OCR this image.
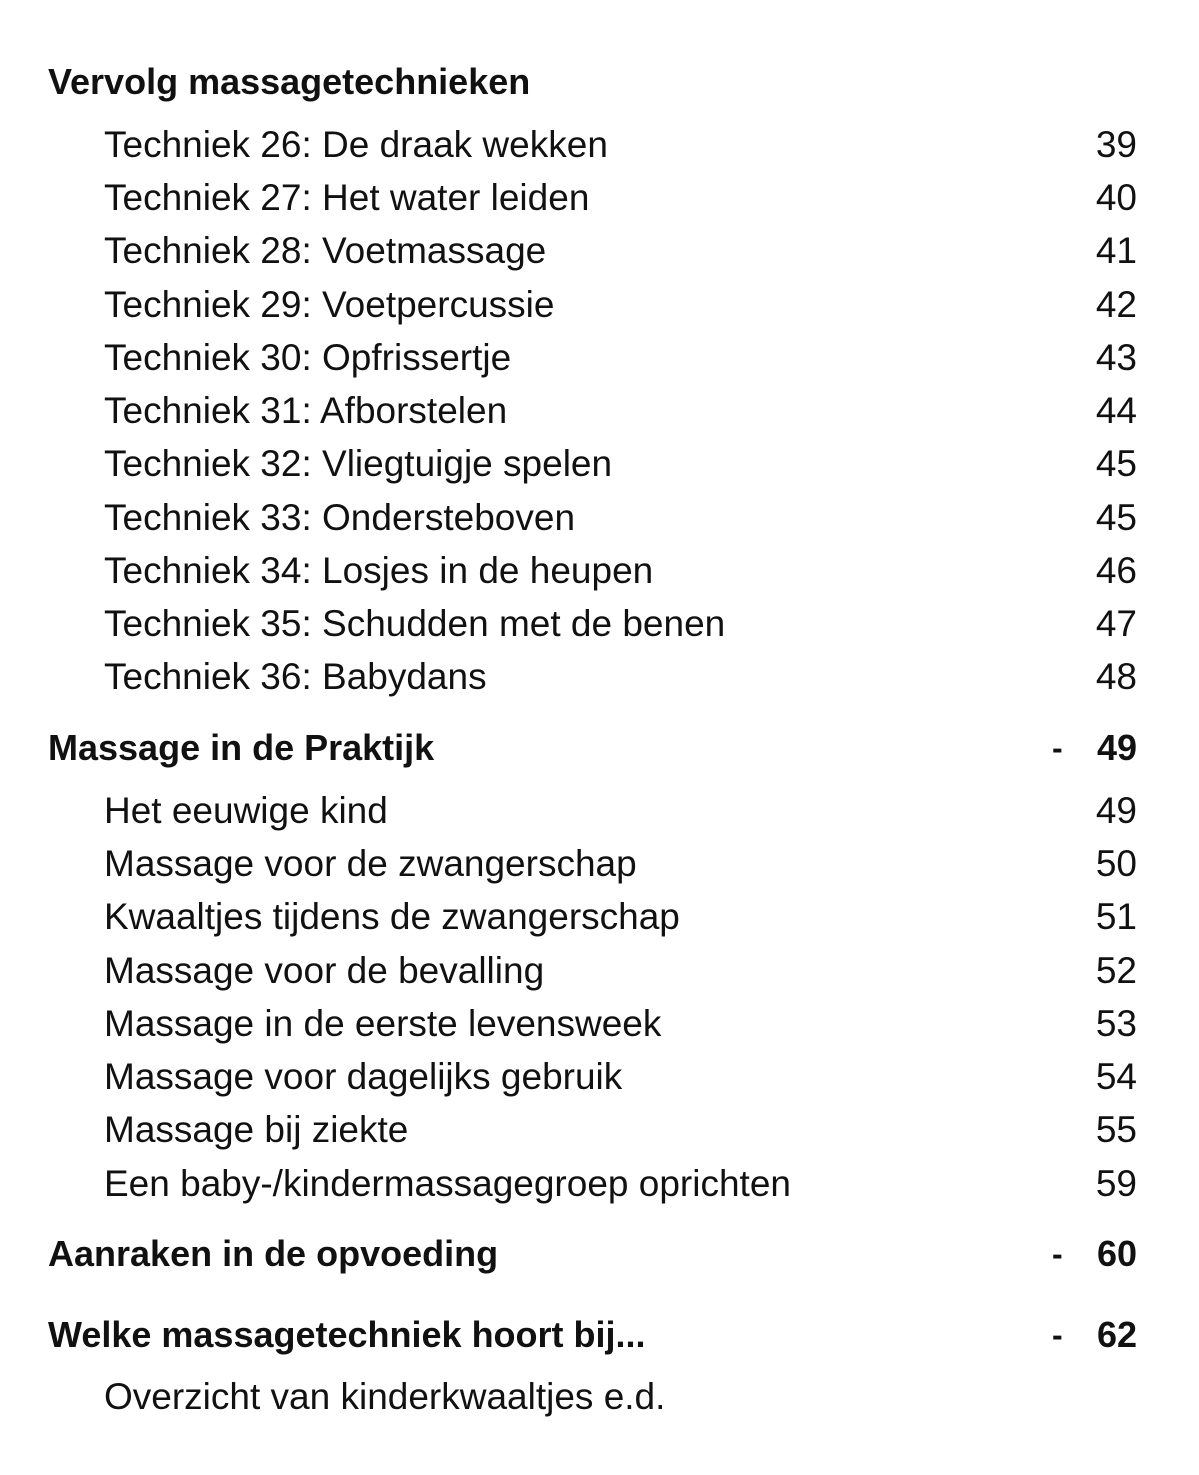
Vervolg massagetechnieken
Techniek 26: De draak wekken	39
Techniek 27: Het water leiden	40
Techniek 28: Voetmassage	41
Techniek 29: Voetpercussie	42
Techniek 30: Opfrissertje	43
Techniek 31: Afborstelen	44
Techniek 32: Vliegtuigje spelen	45
Techniek 33: Ondersteboven	45
Techniek 34: Losjes in de heupen	46
Techniek 35: Schudden met de benen	47
Techniek 36: Babydans	48
Massage in de Praktijk	- 49
Het eeuwige kind	49
Massage voor de zwangerschap	50
Kwaaltjes tijdens de zwangerschap	51
Massage voor de bevalling	52
Massage in de eerste levensweek	53
Massage voor dagelijks gebruik	54
Massage bij ziekte	55
Een baby-/kindermassagegroep oprichten	59
Aanraken in de opvoeding	- 60
Welke massagetechniek hoort bij...	- 62
Overzicht van kinderkwaaltjes e.d.
